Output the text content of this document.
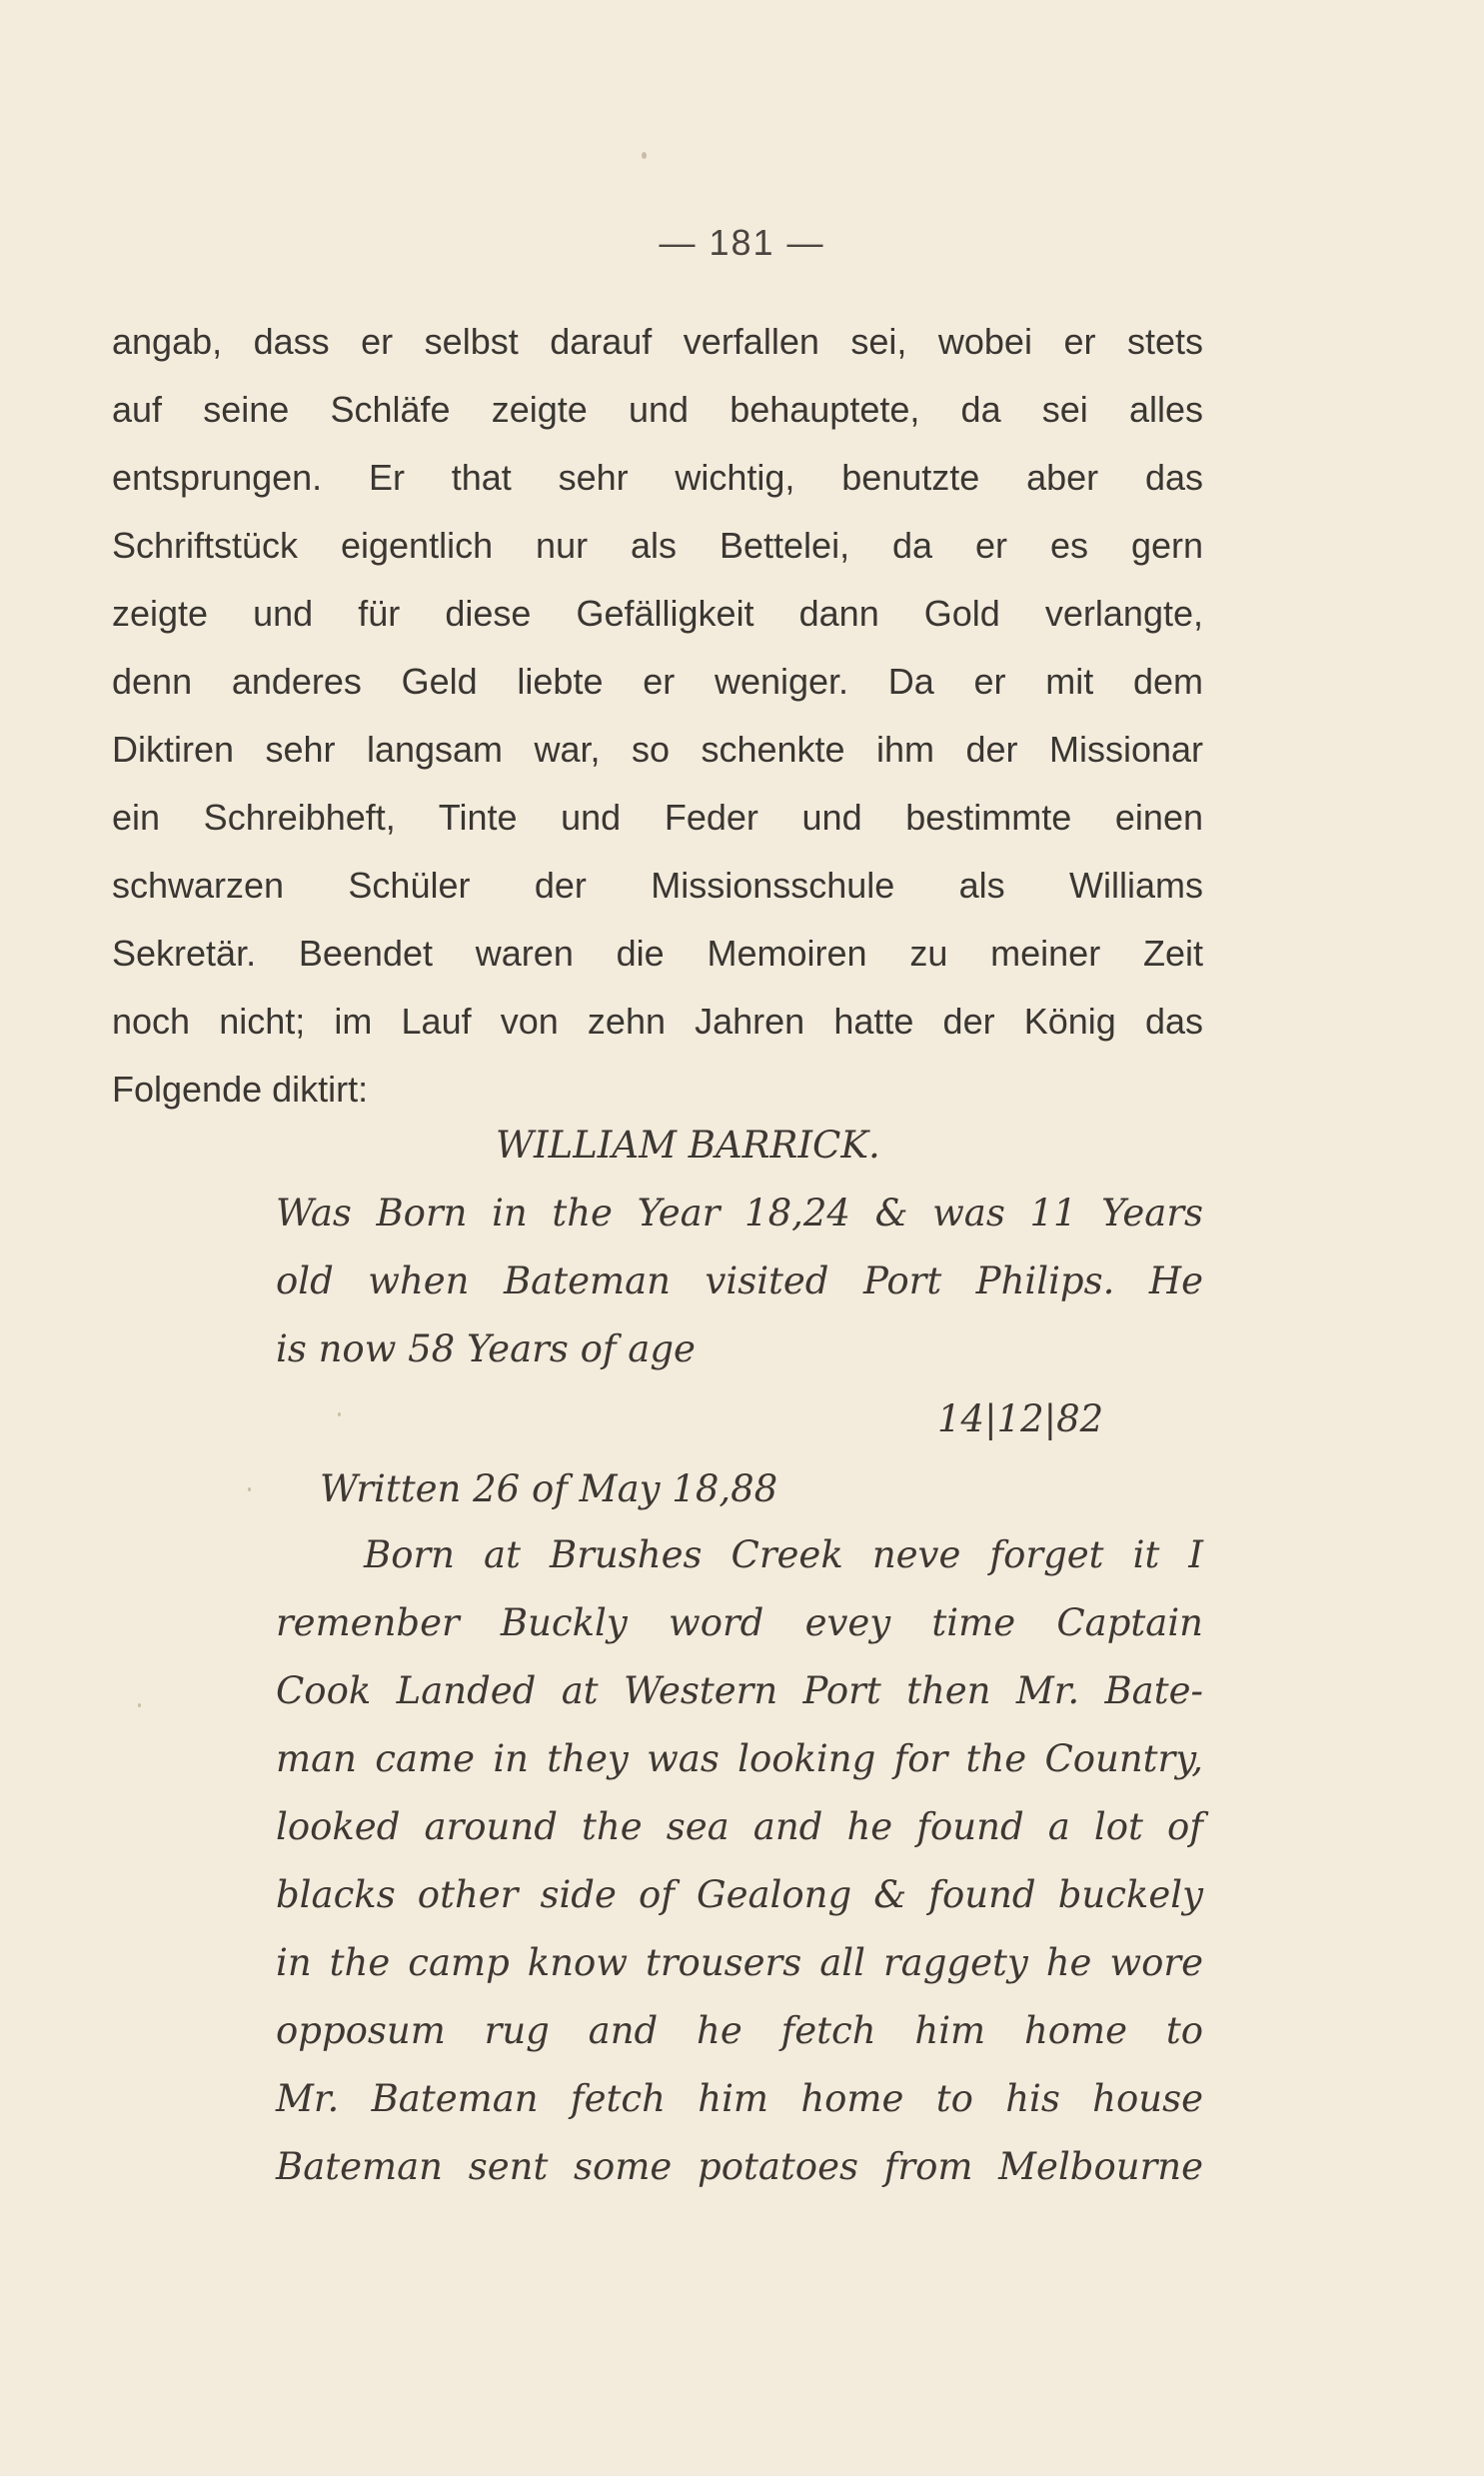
— 181 —
angab, dass er selbst darauf verfallen sei, wobei er stets
auf seine Schläfe zeigte und behauptete, da sei alles
entsprungen. Er that sehr wichtig, benutzte aber das
Schriftstück eigentlich nur als Bettelei, da er es gern
zeigte und für diese Gefälligkeit dann Gold verlangte,
denn anderes Geld liebte er weniger. Da er mit dem
Diktiren sehr langsam war, so schenkte ihm der Missionar
ein Schreibheft, Tinte und Feder und bestimmte einen
schwarzen Schüler der Missionsschule als Williams
Sekretär. Beendet waren die Memoiren zu meiner Zeit
noch nicht; im Lauf von zehn Jahren hatte der König das
Folgende diktirt:
WILLIAM BARRICK.
Was Born in the Year 18,24 & was 11 Years
old when Bateman visited Port Philips. He
is now 58 Years of age
14|12|82
Written 26 of May 18,88
Born at Brushes Creek neve forget it I
remenber Buckly word evey time Captain
Cook Landed at Western Port then Mr. Bate-
man came in they was looking for the Country,
looked around the sea and he found a lot of
blacks other side of Gealong & found buckely
in the camp know trousers all raggety he wore
opposum rug and he fetch him home to
Mr. Bateman fetch him home to his house
Bateman sent some potatoes from Melbourne
